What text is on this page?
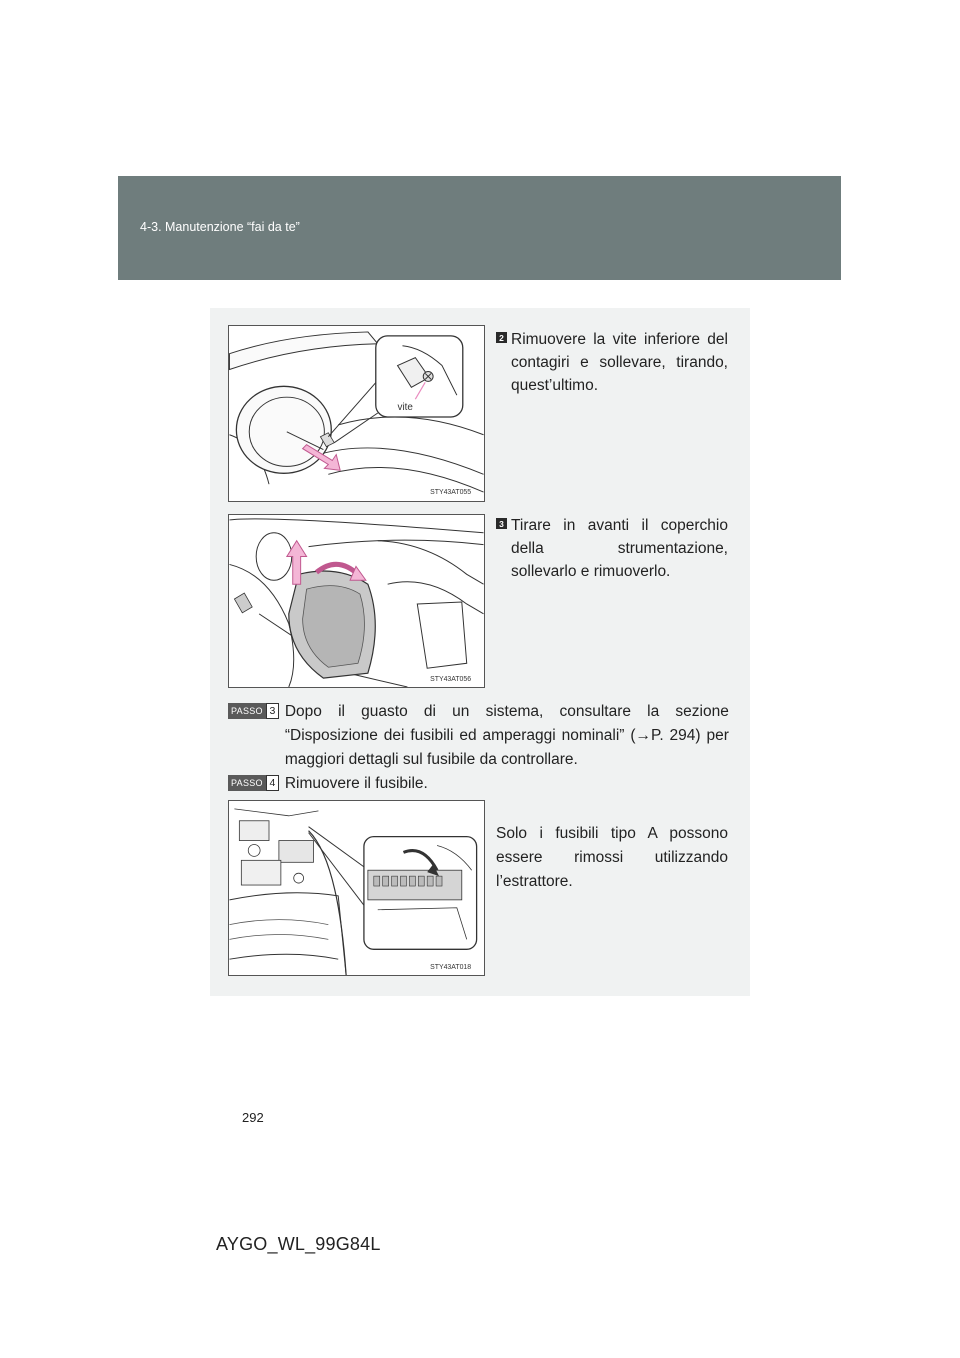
4-3. Manutenzione “fai da te”
vite
STY43AT055
2 Rimuovere la vite inferiore del contagiri e sollevare, tirando, quest’ultimo.
STY43AT056
3 Tirare in avanti il coperchio della strumentazione, sollevarlo e rimuoverlo.
PASSO 3 Dopo il guasto di un sistema, consultare la sezione “Disposizione dei fusibili ed amperaggi nominali” (→P. 294) per maggiori dettagli sul fusibile da controllare.
PASSO 4 Rimuovere il fusibile.
STY43AT018
Solo i fusibili tipo A possono essere rimossi utilizzando l’estrattore.
292
AYGO_WL_99G84L
